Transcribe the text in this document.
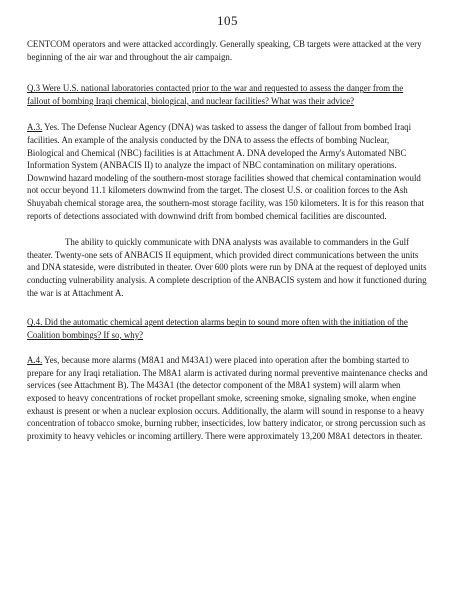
105

CENTCOM operators and were attacked accordingly. Generally speaking, CB targets were attacked at the very beginning of the air war and throughout the air campaign.

Q.3 Were U.S. national laboratories contacted prior to the war and requested to assess the danger from the fallout of bombing Iraqi chemical, biological, and nuclear facilities? What was their advice?

A.3. Yes. The Defense Nuclear Agency (DNA) was tasked to assess the danger of fallout from bombed Iraqi facilities. An example of the analysis conducted by the DNA to assess the effects of bombing Nuclear, Biological and Chemical (NBC) facilities is at Attachment A. DNA developed the Army's Automated NBC Information System (ANBACIS II) to analyze the impact of NBC contamination on military operations. Downwind hazard modeling of the southern-most storage facilities showed that chemical contamination would not occur beyond 11.1 kilometers downwind from the target. The closest U.S. or coalition forces to the Ash Shuyabah chemical storage area, the southern-most storage facility, was 150 kilometers. It is for this reason that reports of detections associated with downwind drift from bombed chemical facilities are discounted.

The ability to quickly communicate with DNA analysts was available to commanders in the Gulf theater. Twenty-one sets of ANBACIS II equipment, which provided direct communications between the units and DNA stateside, were distributed in theater. Over 600 plots were run by DNA at the request of deployed units conducting vulnerability analysis. A complete description of the ANBACIS system and how it functioned during the war is at Attachment A.

Q.4. Did the automatic chemical agent detection alarms begin to sound more often with the initiation of the Coalition bombings? If so, why?

A.4. Yes, because more alarms (M8A1 and M43A1) were placed into operation after the bombing started to prepare for any Iraqi retaliation. The M8A1 alarm is activated during normal preventive maintenance checks and services (see Attachment B). The M43A1 (the detector component of the M8A1 system) will alarm when exposed to heavy concentrations of rocket propellant smoke, screening smoke, signaling smoke, when engine exhaust is present or when a nuclear explosion occurs. Additionally, the alarm will sound in response to a heavy concentration of tobacco smoke, burning rubber, insecticides, low battery indicator, or strong percussion such as proximity to heavy vehicles or incoming artillery. There were approximately 13,200 M8A1 detectors in theater.
